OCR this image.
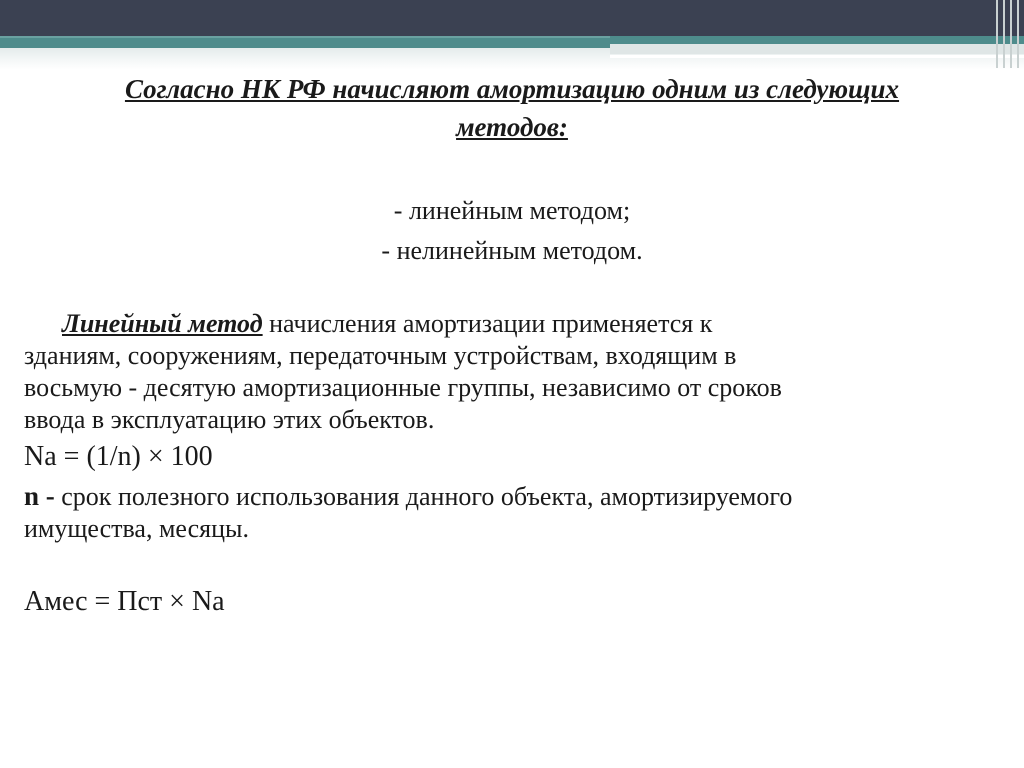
Согласно НК РФ начисляют амортизацию одним из следующих
методов:
- линейным методом;
- нелинейным методом.
Линейный метод начисления амортизации применяется к
зданиям, сооружениям, передаточным устройствам, входящим в
восьмую - десятую амортизационные группы, независимо от сроков
ввода в эксплуатацию этих объектов.
Na = (1/n) × 100
n - срок полезного использования данного объекта, амортизируемого
имущества, месяцы.
Амес = Пст × Na
